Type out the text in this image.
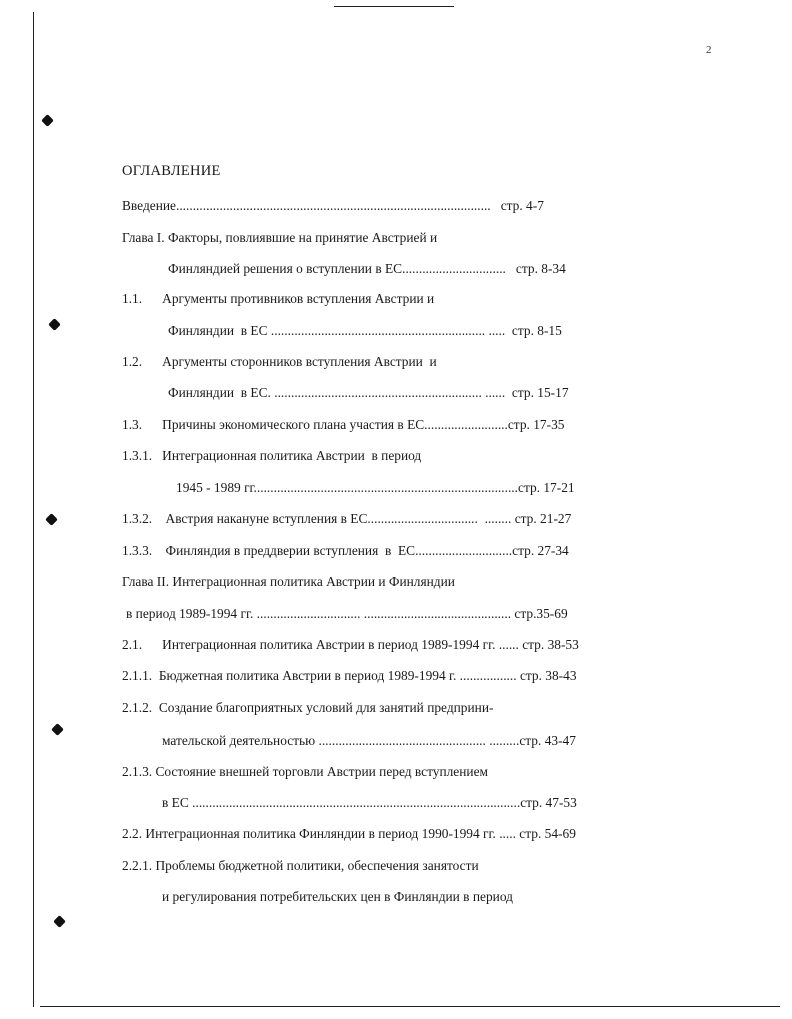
2
ОГЛАВЛЕНИЕ
Введение..............................................................................................   стр. 4-7
Глава I. Факторы, повлиявшие на принятие Австрией и
Финляндией решения о вступлении в ЕС...............................   стр. 8-34
1.1.      Аргументы противников вступления Австрии и
Финляндии  в ЕС ................................................................ .....  стр. 8-15
1.2.      Аргументы сторонников вступления Австрии  и
Финляндии  в ЕС. .............................................................. ......  стр. 15-17
1.3.      Причины экономического плана участия в ЕС.........................стр. 17-35
1.3.1.   Интеграционная политика Австрии  в период
1945 - 1989 гг...............................................................................стр. 17-21
1.3.2.    Австрия накануне вступления в ЕС.................................  ........ стр. 21-27
1.3.3.    Финляндия в преддверии вступления  в  ЕС.............................стр. 27-34
Глава II. Интеграционная политика Австрии и Финляндии
в период 1989-1994 гг. ............................... ............................................ стр.35-69
2.1.      Интеграционная политика Австрии в период 1989-1994 гг. ...... стр. 38-53
2.1.1.  Бюджетная политика Австрии в период 1989-1994 г. ................. стр. 38-43
2.1.2.  Создание благоприятных условий для занятий предприни-
мательской деятельностью .................................................. .........стр. 43-47
2.1.3. Состояние внешней торговли Австрии перед вступлением
в ЕС ..................................................................................................стр. 47-53
2.2. Интеграционная политика Финляндии в период 1990-1994 гг. ..... стр. 54-69
2.2.1. Проблемы бюджетной политики, обеспечения занятости
и регулирования потребительских цен в Финляндии в период
